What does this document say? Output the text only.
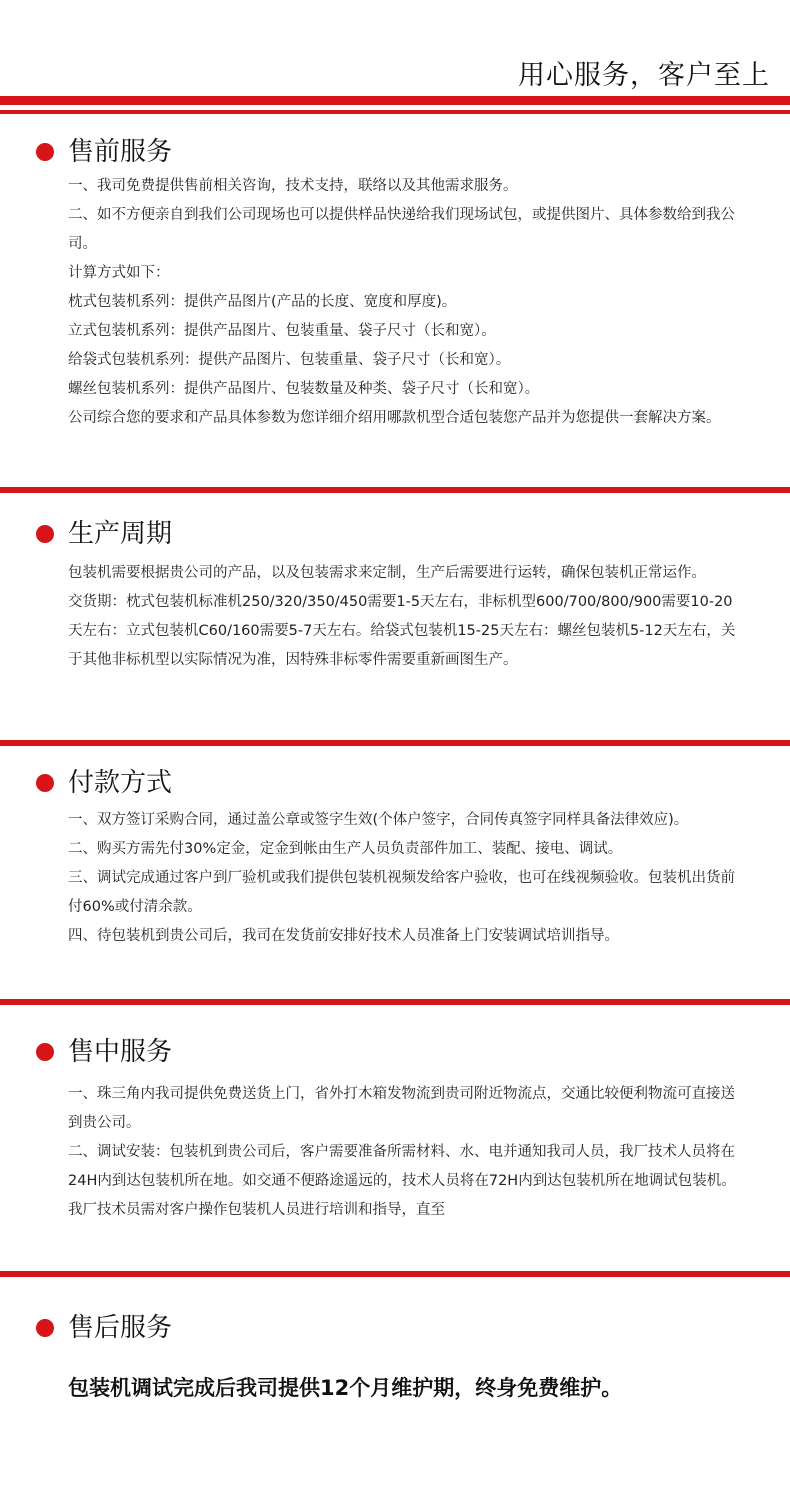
用心服务，客户至上
售前服务

一、我司免费提供售前相关咨询，技术支持，联络以及其他需求服务。

二、如不方便亲自到我们公司现场也可以提供样品快递给我们现场试包，或提供图片、具体参数给到我公司。

计算方式如下：

枕式包装机系列：提供产品图片(产品的长度、宽度和厚度)。

立式包装机系列：提供产品图片、包装重量、袋子尺寸（长和宽）。

给袋式包装机系列：提供产品图片、包装重量、袋子尺寸（长和宽）。

螺丝包装机系列：提供产品图片、包装数量及种类、袋子尺寸（长和宽）。

公司综合您的要求和产品具体参数为您详细介绍用哪款机型合适包装您产品并为您提供一套解决方案。

生产周期

包装机需要根据贵公司的产品，以及包装需求来定制，生产后需要进行运转，确保包装机正常运作。

交货期：枕式包装机标准机250/320/350/450需要1-5天左右，非标机型600/700/800/900需要10-20天左右：立式包装机C60/160需要5-7天左右。给袋式包装机15-25天左右：螺丝包装机5-12天左右，关于其他非标机型以实际情况为准，因特殊非标零件需要重新画图生产。

付款方式

一、双方签订采购合同，通过盖公章或签字生效(个体户签字，合同传真签字同样具备法律效应)。

二、购买方需先付30%定金，定金到帐由生产人员负责部件加工、装配、接电、调试。

三、调试完成通过客户到厂验机或我们提供包装机视频发给客户验收，也可在线视频验收。包装机出货前付60%或付清余款。

四、待包装机到贵公司后，我司在发货前安排好技术人员准备上门安装调试培训指导。

售中服务

一、珠三角内我司提供免费送货上门，省外打木箱发物流到贵司附近物流点，交通比较便利物流可直接送到贵公司。

二、调试安装：包装机到贵公司后，客户需要准备所需材料、水、电并通知我司人员，我厂技术人员将在24H内到达包装机所在地。如交通不便路途遥远的，技术人员将在72H内到达包装机所在地调试包装机。我厂技术员需对客户操作包装机人员进行培训和指导，直至

售后服务

包装机调试完成后我司提供12个月维护期，终身免费维护。
